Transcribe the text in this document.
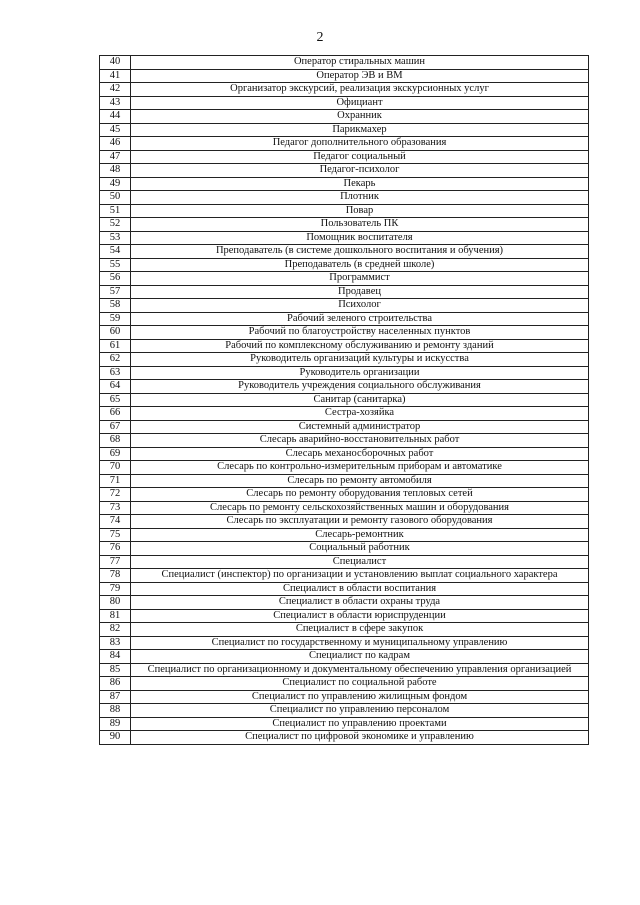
2
40	Оператор стиральных машин
41	Оператор ЭВ и ВМ
42	Организатор экскурсий, реализация экскурсионных услуг
43	Официант
44	Охранник
45	Парикмахер
46	Педагог дополнительного образования
47	Педагог социальный
48	Педагог-психолог
49	Пекарь
50	Плотник
51	Повар
52	Пользователь ПК
53	Помощник воспитателя
54	Преподаватель (в системе дошкольного воспитания и обучения)
55	Преподаватель (в средней школе)
56	Программист
57	Продавец
58	Психолог
59	Рабочий зеленого строительства
60	Рабочий по благоустройству населенных пунктов
61	Рабочий по комплексному обслуживанию и ремонту зданий
62	Руководитель организаций культуры и искусства
63	Руководитель организации
64	Руководитель учреждения социального обслуживания
65	Санитар (санитарка)
66	Сестра-хозяйка
67	Системный администратор
68	Слесарь аварийно-восстановительных работ
69	Слесарь механосборочных работ
70	Слесарь по контрольно-измерительным приборам и автоматике
71	Слесарь по ремонту автомобиля
72	Слесарь по ремонту оборудования тепловых сетей
73	Слесарь по ремонту сельскохозяйственных машин и оборудования
74	Слесарь по эксплуатации и ремонту газового оборудования
75	Слесарь-ремонтник
76	Социальный работник
77	Специалист
78	Специалист (инспектор) по организации и установлению выплат социального характера
79	Специалист в области воспитания
80	Специалист в области охраны труда
81	Специалист в области юриспруденции
82	Специалист в сфере закупок
83	Специалист по государственному и муниципальному управлению
84	Специалист по кадрам
85	Специалист по организационному и документальному обеспечению управления организацией
86	Специалист по социальной работе
87	Специалист по управлению жилищным фондом
88	Специалист по управлению персоналом
89	Специалист по управлению проектами
90	Специалист по цифровой экономике и управлению
